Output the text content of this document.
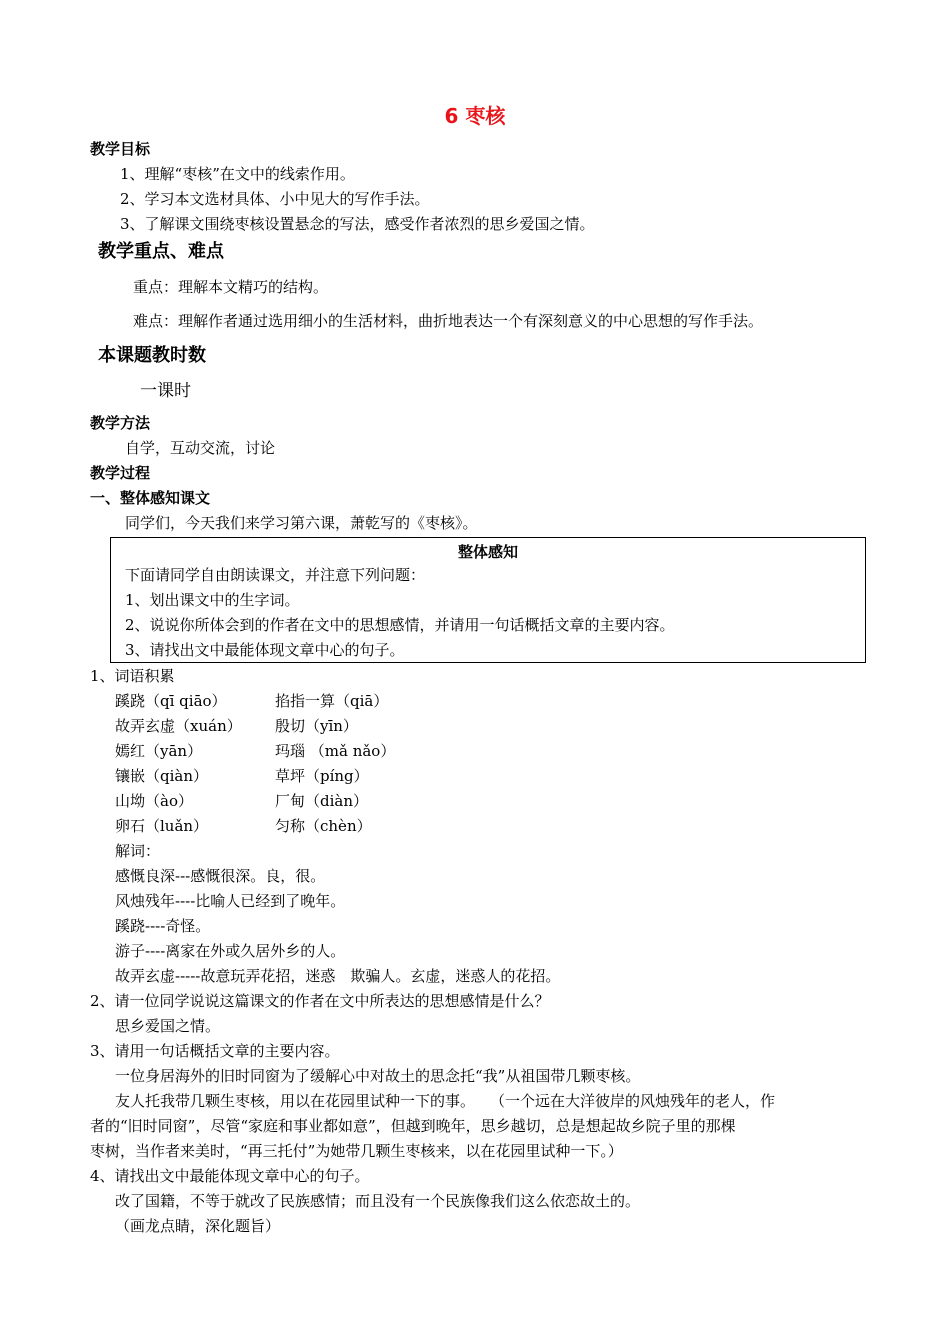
6 枣核
教学目标
1、理解“枣核”在文中的线索作用。
2、学习本文选材具体、小中见大的写作手法。
3、了解课文围绕枣核设置悬念的写法，感受作者浓烈的思乡爱国之情。
教学重点、难点
重点：理解本文精巧的结构。
难点：理解作者通过选用细小的生活材料，曲折地表达一个有深刻意义的中心思想的写作手法。
本课题教时数
一课时
教学方法
自学，互动交流，讨论
教学过程
一、整体感知课文
同学们，今天我们来学习第六课，萧乾写的《枣核》。
整体感知
下面请同学自由朗读课文，并注意下列问题：
1、划出课文中的生字词。
2、说说你所体会到的作者在文中的思想感情，并请用一句话概括文章的主要内容。
3、请找出文中最能体现文章中心的句子。
1、词语积累
蹊跷（qī qiāo）
故弄玄虚（xuán）
嫣红（yān）
镶嵌（qiàn）
山坳（ào）
卵石（luǎn）
掐指一算（qiā）
殷切（yīn）
玛瑙 （mǎ nǎo）
草坪（píng）
厂甸（diàn）
匀称（chèn）
解词：
感慨良深---感慨很深。良，很。
风烛残年----比喻人已经到了晚年。
蹊跷----奇怪。
游子----离家在外或久居外乡的人。
故弄玄虚-----故意玩弄花招，迷惑　欺骗人。玄虚，迷惑人的花招。
2、请一位同学说说这篇课文的作者在文中所表达的思想感情是什么？
思乡爱国之情。
3、请用一句话概括文章的主要内容。
一位身居海外的旧时同窗为了缓解心中对故土的思念托“我”从祖国带几颗枣核。
友人托我带几颗生枣核，用以在花园里试种一下的事。　　（一个远在大洋彼岸的风烛残年的老人，作
者的“旧时同窗”，尽管“家庭和事业都如意”，但越到晚年，思乡越切，总是想起故乡院子里的那棵
枣树，当作者来美时，“再三托付”为她带几颗生枣核来，以在花园里试种一下。）
4、请找出文中最能体现文章中心的句子。
改了国籍，不等于就改了民族感情；而且没有一个民族像我们这么依恋故土的。
（画龙点睛，深化题旨）
